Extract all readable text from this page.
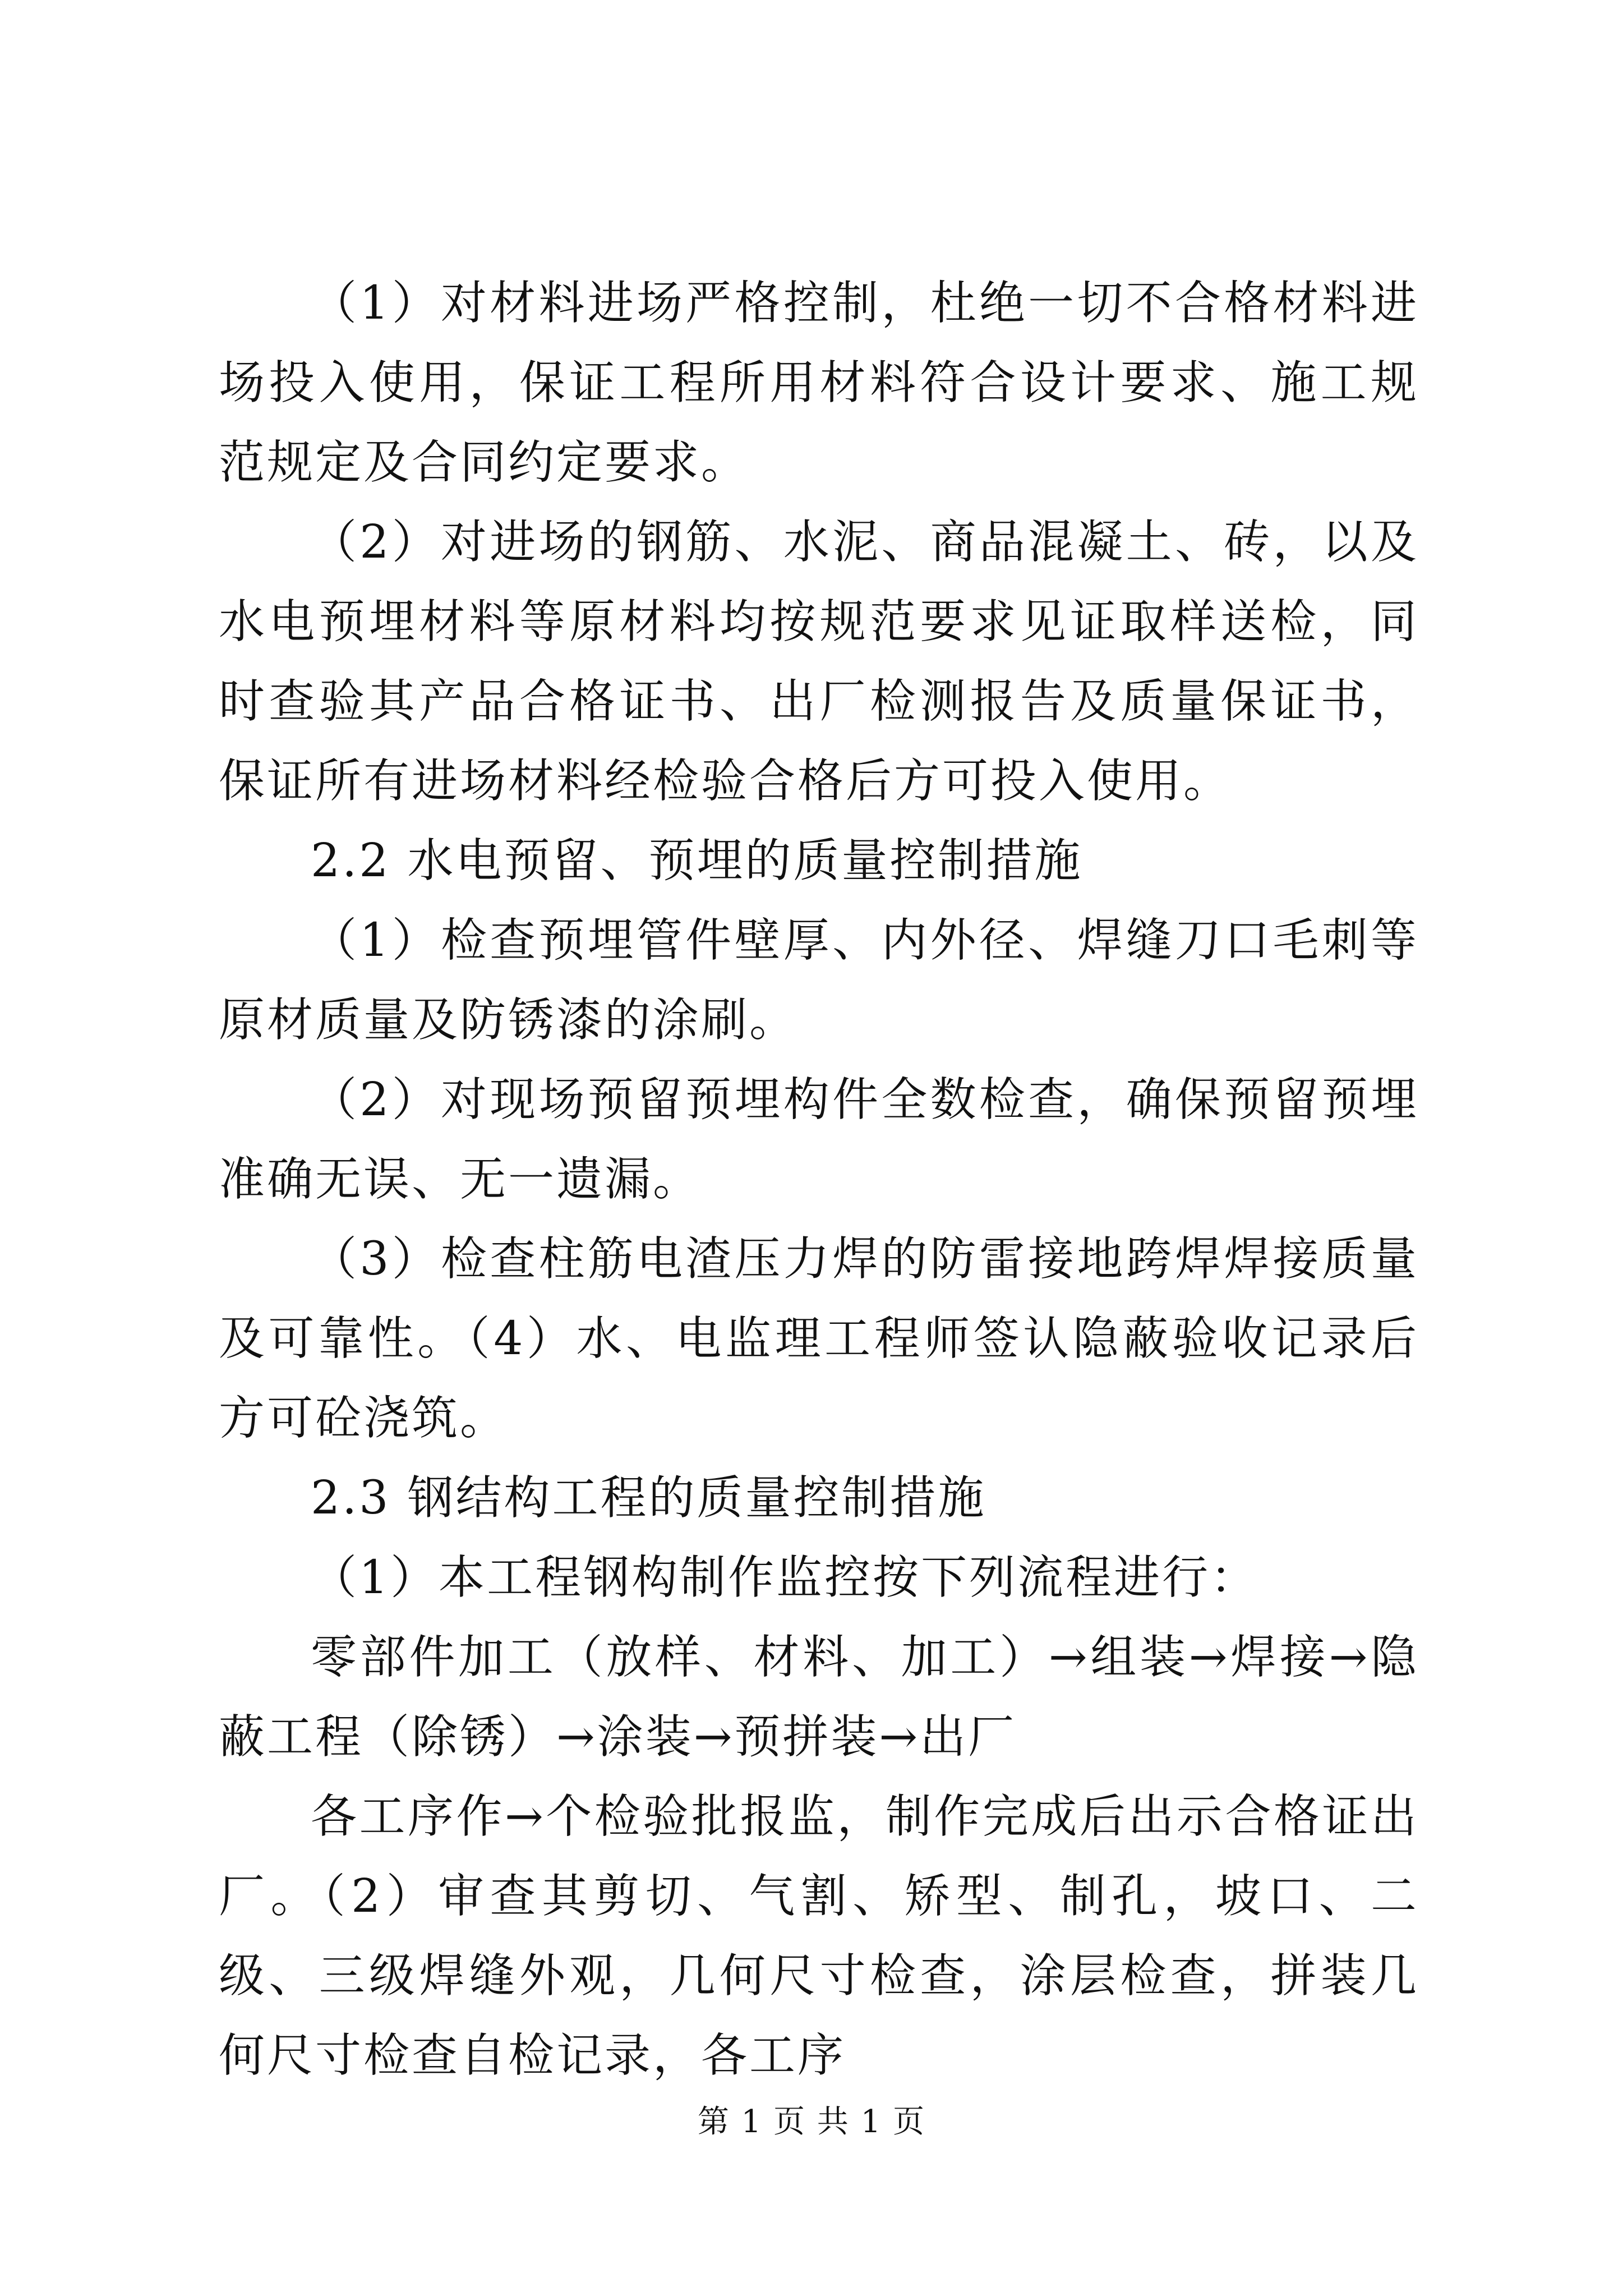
（1）对材料进场严格控制，杜绝一切不合格材料进场投入使用，保证工程所用材料符合设计要求、施工规范规定及合同约定要求。

（2）对进场的钢筋、水泥、商品混凝土、砖，以及水电预埋材料等原材料均按规范要求见证取样送检，同时查验其产品合格证书、出厂检测报告及质量保证书，保证所有进场材料经检验合格后方可投入使用。

2.2 水电预留、预埋的质量控制措施

（1）检查预埋管件壁厚、内外径、焊缝刀口毛刺等原材质量及防锈漆的涂刷。

（2）对现场预留预埋构件全数检查，确保预留预埋准确无误、无一遗漏。

（3）检查柱筋电渣压力焊的防雷接地跨焊焊接质量及可靠性。（4）水、电监理工程师签认隐蔽验收记录后方可砼浇筑。

2.3 钢结构工程的质量控制措施

（1）本工程钢构制作监控按下列流程进行：

零部件加工（放样、材料、加工）→组装→焊接→隐蔽工程（除锈）→涂装→预拼装→出厂

各工序作→个检验批报监，制作完成后出示合格证出厂。（2）审查其剪切、气割、矫型、制孔，坡口、二级、三级焊缝外观，几何尺寸检查，涂层检查，拼装几何尺寸检查自检记录，各工序

第 1 页 共 1 页
